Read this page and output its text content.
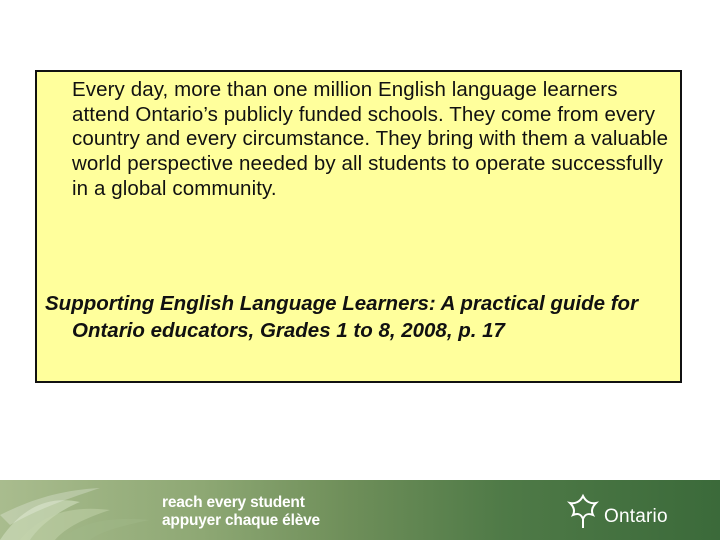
Every day, more than one million English language learners attend Ontario’s publicly funded schools. They come from every country and every circumstance. They bring with them a valuable world perspective needed by all students to operate successfully in a global community.

Supporting English Language Learners: A practical guide for Ontario educators, Grades 1 to 8, 2008, p. 17

reach every student
appuyer chaque élève	Ontario
